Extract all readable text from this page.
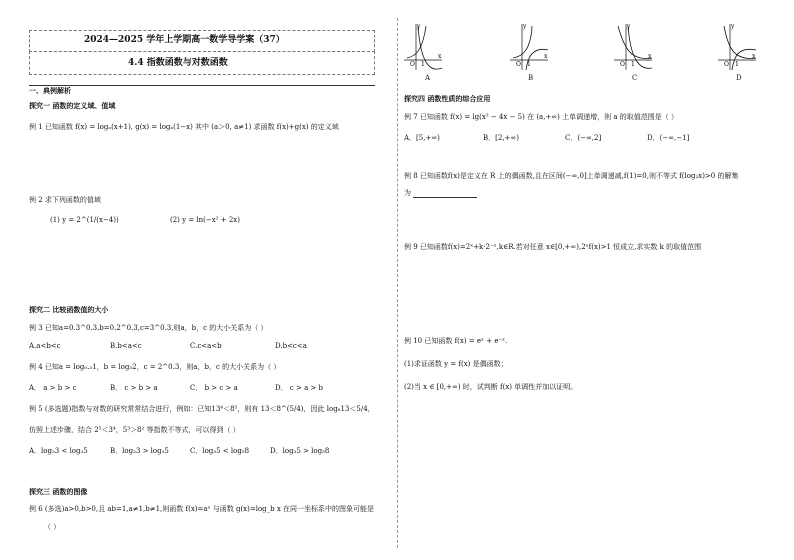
2024—2025 学年上学期高一数学导学案（37）
4.4 指数函数与对数函数
一、典例解析
探究一 函数的定义域、值域
例 1 已知函数 f(x) = logₐ(x+1), g(x) = logₐ(1−x) 其中 (a＞0, a≠1) 求函数 f(x)+g(x) 的定义域
例 2 求下列函数的值域
(1) y = 2^(1/(x−4))	(2) y = ln(−x² + 2x)
探究二 比较函数值的大小
例 3 已知a=0.3^0.3,b=0.2^0.3,c=3^0.3,则a，b，c 的大小关系为（ ）
A.a<b<c	B.b<a<c	C.c<a<b	D.b<c<a
例 4 已知a = log₀.₃1，b = log₃2，c = 2^0.3，则a，b，c 的大小关系为（ ）
A． a > b > c	B． c > b > a	C． b > c > a	D． c > a > b
例 5 (多选题)指数与对数的研究常常结合进行，例如：已知13⁴＜8⁵，则有 13＜8^(5/4)，因此 log₈13＜5/4，
仿照上述步骤，结合 2⁵＜3⁴，5³＞8² 等指数不等式，可以得到（ ）
A．log₂3 < log₃5	B．log₂3 > log₃5	C．log₃5 < log₅8	D．log₃5 > log₅8
探究三 函数的图像
例 6 (多选)a>0,b>0,且 ab=1,a≠1,b≠1,则函数 f(x)=aˣ 与函数 g(x)=log_b x 在同一坐标系中的图象可能是
（ ）
y
x
O 1
A
y
x
O 1
B
y
x
O 1
C
y
x
O 1
D
探究四 函数性质的综合应用
例 7 已知函数 f(x) = lg(x² − 4x − 5) 在 (a,+∞) 上单调递增，则 a 的取值范围是（ ）
A．[5,+∞)	B．[2,+∞)	C．(−∞,2]	D．(−∞,−1]
例 8 已知函数f(x)是定义在 R 上的偶函数,且在区间(−∞,0]上单调递减,f(1)=0,则不等式 f(log₂x)>0 的解集
为
例 9 已知函数f(x)=2ˣ+k·2⁻ˣ,k∈R.若对任意 x∈[0,+∞),2ˣf(x)>1 恒成立,求实数 k 的取值范围
例 10 已知函数 f(x) = eˣ + e⁻ˣ.
(1)求证函数 y = f(x) 是偶函数；
(2)当 x ∈ [0,+∞) 时，试判断 f(x) 单调性并加以证明。
